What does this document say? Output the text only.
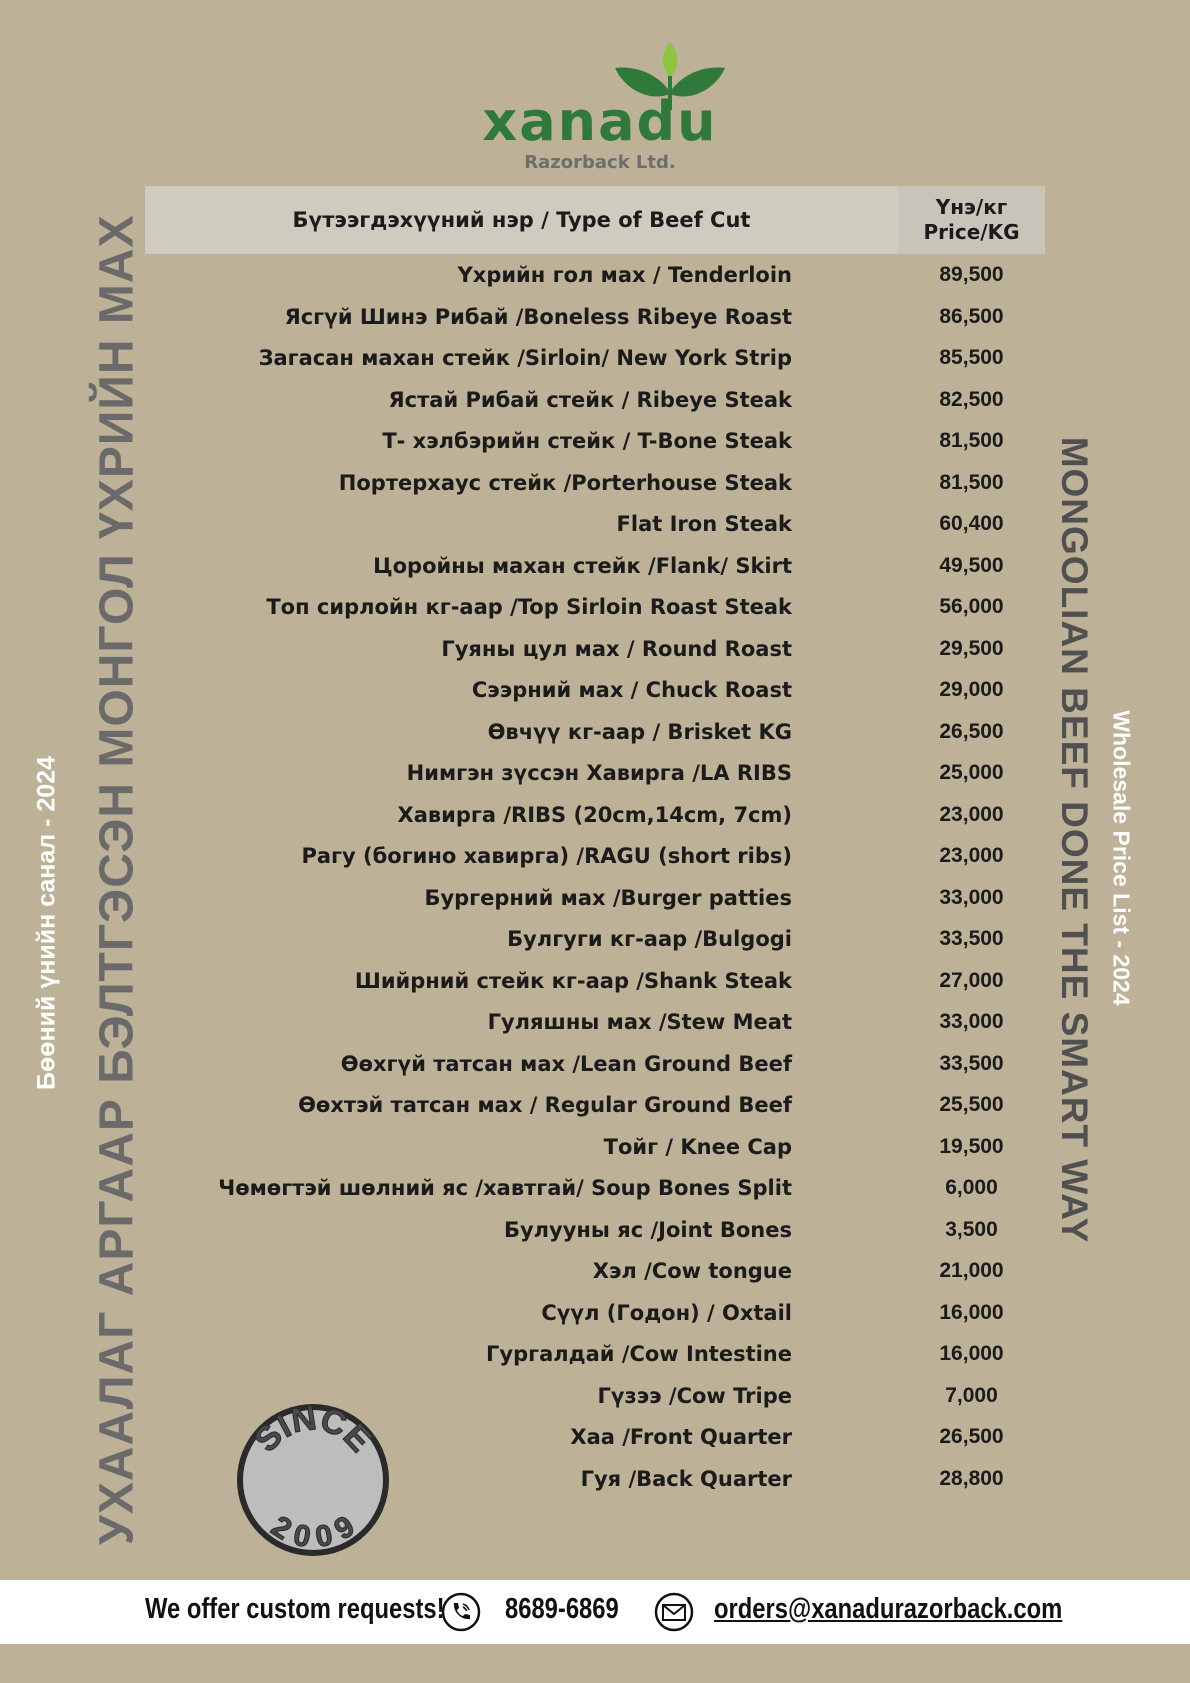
xanadu
Razorback Ltd.
Бүтээгдэхүүний нэр / Type of Beef Cut
Үнэ/кг
Price/KG
Үхрийн гол мах / Tenderloin	89,500
Ясгүй Шинэ Рибай /Boneless Ribeye Roast	86,500
Загасан махан стейк /Sirloin/ New York Strip	85,500
Ястай Рибай стейк / Ribeye Steak	82,500
Т- хэлбэрийн стейк / T-Bone Steak	81,500
Портерхаус стейк /Porterhouse Steak	81,500
Flat Iron Steak	60,400
Цоройны махан стейк /Flank/ Skirt	49,500
Топ сирлойн кг-аар /Top Sirloin Roast Steak	56,000
Гуяны цул мах / Round Roast	29,500
Сээрний мах / Chuck Roast	29,000
Өвчүү кг-аар / Brisket KG	26,500
Нимгэн зүссэн Хавирга /LA RIBS	25,000
Хавирга /RIBS (20cm,14cm, 7cm)	23,000
Рагу (богино хавирга) /RAGU (short ribs)	23,000
Бургерний мах /Burger patties	33,000
Булгуги кг-аар /Bulgogi	33,500
Шийрний стейк кг-аар /Shank Steak	27,000
Гуляшны мах /Stew Meat	33,000
Өөхгүй татсан мах /Lean Ground Beef	33,500
Өөхтэй татсан мах / Regular Ground Beef	25,500
Тойг / Knee Cap	19,500
Чөмөгтэй шөлний яс /хавтгай/ Soup Bones Split	6,000
Булууны яс /Joint Bones	3,500
Хэл /Cow tongue	21,000
Сүүл (Годон) / Oxtail	16,000
Гургалдай /Cow Intestine	16,000
Гүзээ /Cow Tripe	7,000
Хаа /Front Quarter	26,500
Гуя /Back Quarter	28,800
УХААЛАГ АРГААР БЭЛТГЭСЭН МОНГОЛ ҮХРИЙН МАХ
Бөөний үнийн санал - 2024	MONGOLIAN BEEF DONE THE SMART WAY Wholesale Price List - 2024
SINCE
2009
We offer custom requests! 8689-6869	orders@xanadurazorback.com
